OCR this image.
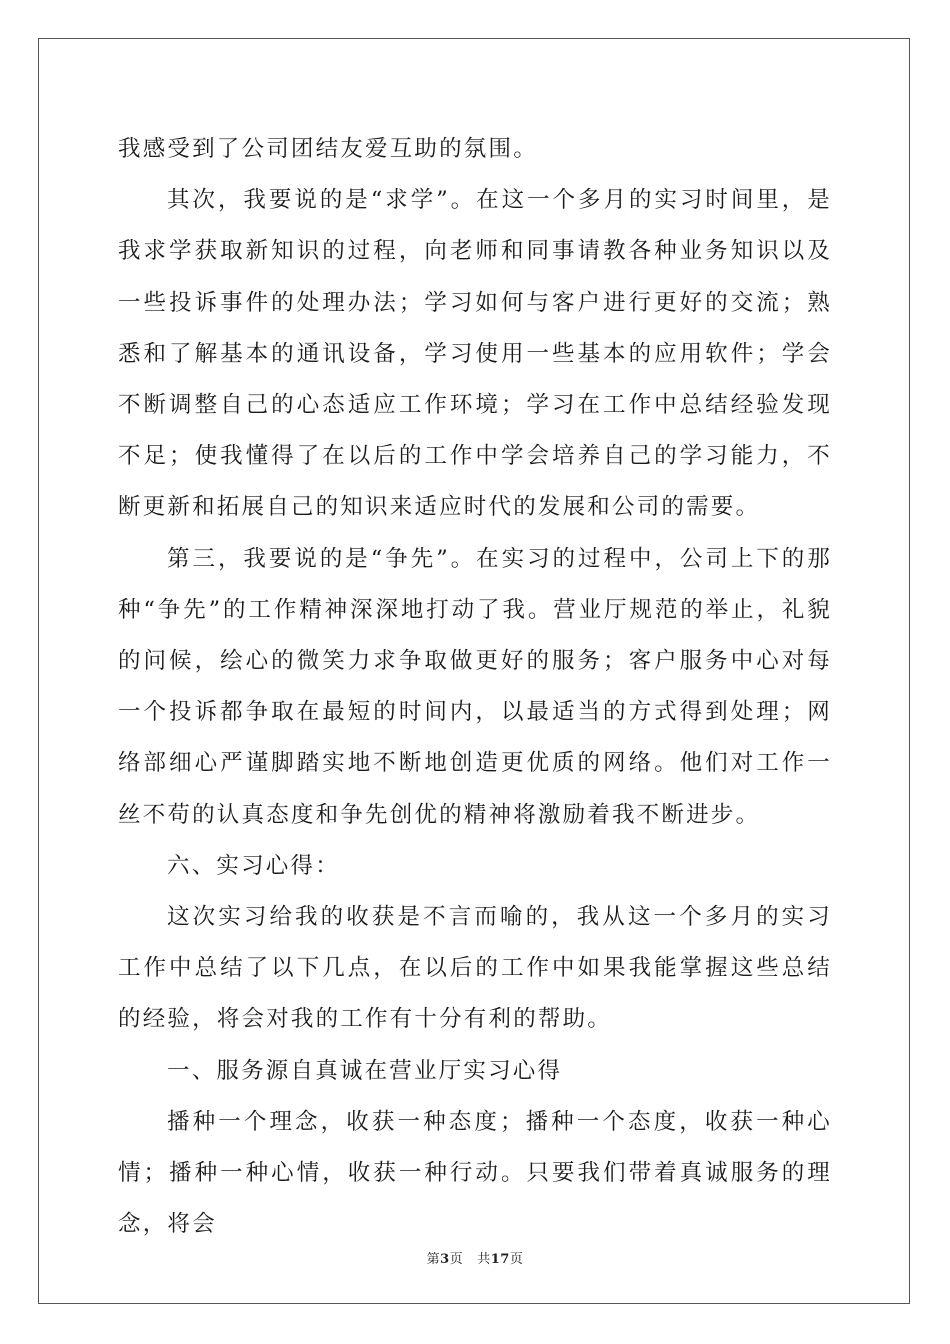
我感受到了公司团结友爱互助的氛围。

其次，我要说的是“求学”。在这一个多月的实习时间里，是我求学获取新知识的过程，向老师和同事请教各种业务知识以及一些投诉事件的处理办法；学习如何与客户进行更好的交流；熟悉和了解基本的通讯设备，学习使用一些基本的应用软件；学会不断调整自己的心态适应工作环境；学习在工作中总结经验发现不足；使我懂得了在以后的工作中学会培养自己的学习能力，不断更新和拓展自己的知识来适应时代的发展和公司的需要。

第三，我要说的是“争先”。在实习的过程中，公司上下的那种“争先”的工作精神深深地打动了我。营业厅规范的举止，礼貌的问候，绘心的微笑力求争取做更好的服务；客户服务中心对每一个投诉都争取在最短的时间内，以最适当的方式得到处理；网络部细心严谨脚踏实地不断地创造更优质的网络。他们对工作一丝不苟的认真态度和争先创优的精神将激励着我不断进步。

六、实习心得：

这次实习给我的收获是不言而喻的，我从这一个多月的实习工作中总结了以下几点，在以后的工作中如果我能掌握这些总结的经验，将会对我的工作有十分有利的帮助。

一、服务源自真诚在营业厅实习心得

播种一个理念，收获一种态度；播种一个态度，收获一种心情；播种一种心情，收获一种行动。只要我们带着真诚服务的理念，将会

第3页 共17页
